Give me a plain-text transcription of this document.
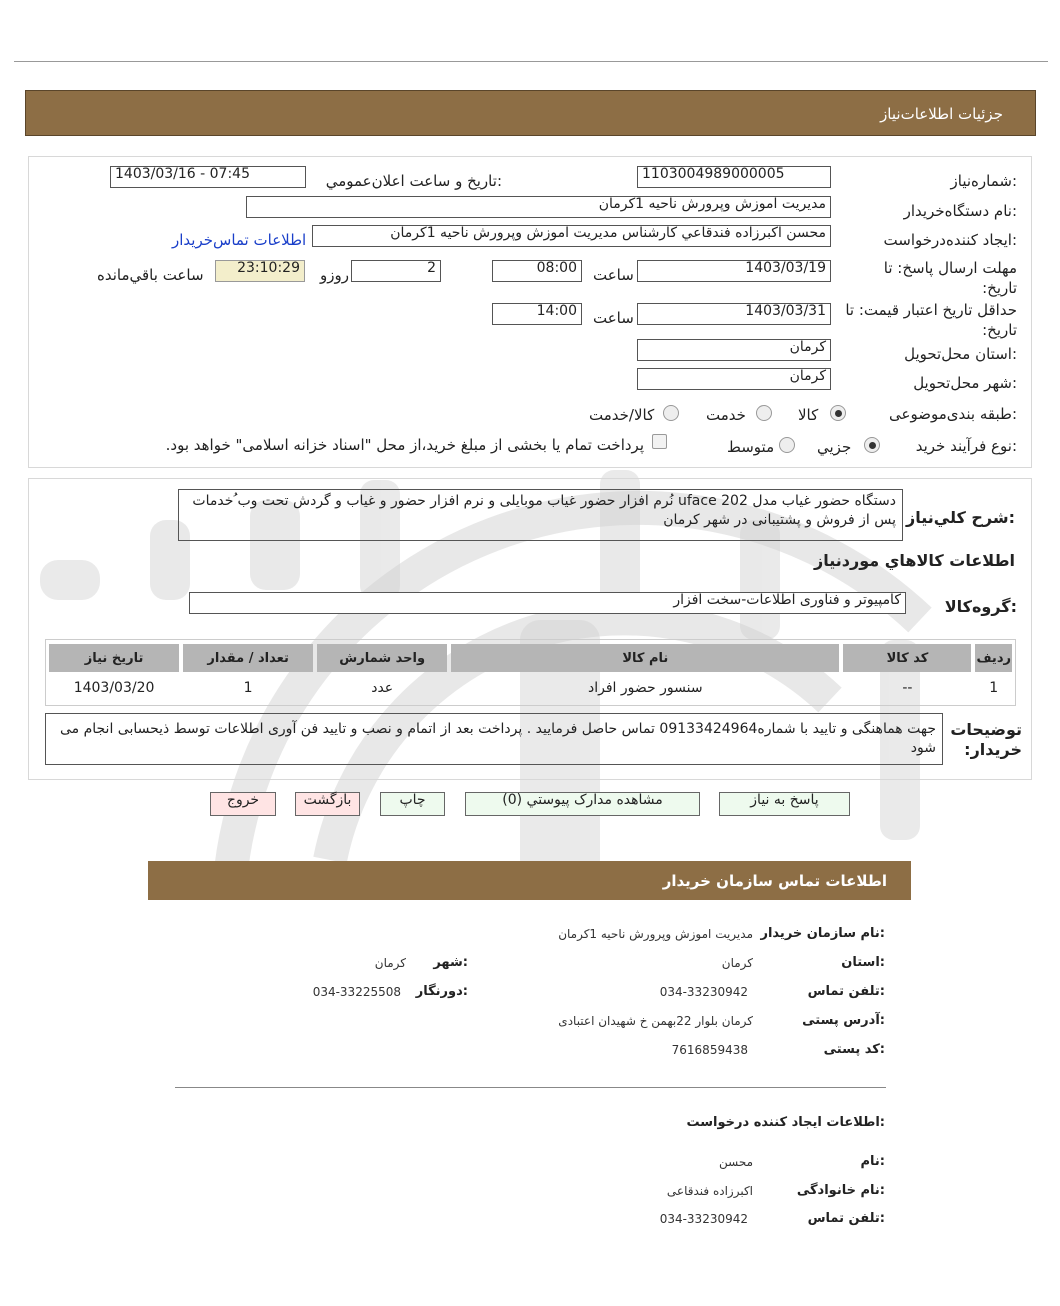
جزئیات اطلاعات‌نیاز
شماره‌نیاز:
1103004989000005
تاریخ و ساعت اعلان‌عمومي:
1403/03/16 - 07:45
نام دستگاه‌خريدار:
مديريت اموزش وپرورش ناحيه 1كرمان
ايجاد كننده‌درخواست:
محسن اكبرزاده فندقاعي كارشناس مديريت اموزش وپرورش ناحيه 1كرمان
اطلاعات تماس‌خريدار
مهلت ارسال پاسخ: تا تاريخ:
1403/03/19
ساعت
08:00
2
روزو
23:10:29
ساعت باقي‌مانده
حداقل تاريخ اعتبار قيمت: تا تاريخ:
1403/03/31
ساعت
14:00
استان محل‌تحويل:
كرمان
شهر محل‌تحويل:
كرمان
طبقه بندی‌موضوعی:
كالا
خدمت
كالا/خدمت
نوع فرآيند خريد:
جزيي
متوسط
پرداخت تمام يا بخشی از مبلغ خريد،از محل "اسناد خزانه اسلامی" خواهد بود.
شرح کلي‌نياز:
دستگاه حضور غیاب مدل uface 202 نُرم افزار حضور غیاب موبایلی و نرم افزار حضور و غیاب و گردش تحت وب ُخدمات پس از فروش و پشتیبانی در شهر کرمان
اطلاعات كالاهاي موردنياز
گروه‌كالا:
كامپيوتر و فناوری اطلاعات-سخت افزار
رديف	كد كالا	نام كالا	واحد شمارش	تعداد / مقدار	تاريخ نياز
1	--	سنسور حضور افراد	عدد	1	1403/03/20
توضيحات خريدار:
جهت هماهنگی و تایید با شماره09133424964 تماس حاصل فرمایید . پرداخت بعد از اتمام و نصب و تایید فن آوری اطلاعات توسط ذیحسابی انجام می شود
پاسخ به نياز
مشاهده مدارک پيوستي (0)
چاپ
بازگشت
خروج
اطلاعات تماس سازمان خریدار
نام سازمان خریدار:
مدیریت اموزش وپرورش ناحیه 1کرمان
استان:
کرمان
شهر:
کرمان
تلفن تماس:
034-33230942
دورنگار:
034-33225508
آدرس پستی:
کرمان بلوار 22بهمن خ شهیدان اعتبادی
کد پستی:
7616859438
اطلاعات ایجاد کننده درخواست:
نام:
محسن
نام خانوادگی:
اکبرزاده فندقاعی
تلفن تماس:
034-33230942
